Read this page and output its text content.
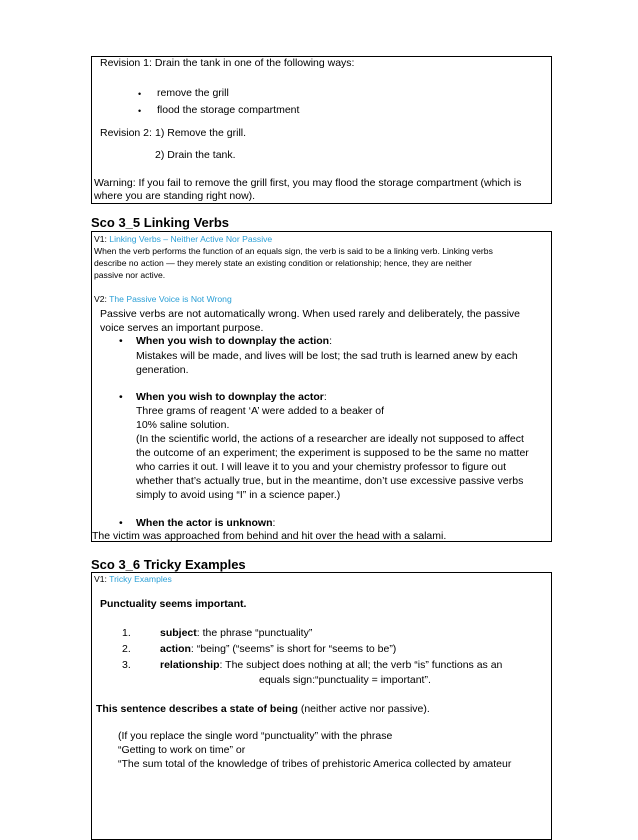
Revision 1: Drain the tank in one of the following ways:
• remove the grill
• flood the storage compartment
Revision 2: 1) Remove the grill.
2) Drain the tank.
Warning: If you fail to remove the grill first, you may flood the storage compartment (which is
where you are standing right now).
Sco 3_5 Linking Verbs
V1: Linking Verbs – Neither Active Nor Passive
When the verb performs the function of an equals sign, the verb is said to be a linking verb. Linking verbs
describe no action — they merely state an existing condition or relationship; hence, they are neither
passive nor active.
V2: The Passive Voice is Not Wrong
Passive verbs are not automatically wrong. When used rarely and deliberately, the passive
voice serves an important purpose.
• When you wish to downplay the action:
Mistakes will be made, and lives will be lost; the sad truth is learned anew by each
generation.
• When you wish to downplay the actor:
Three grams of reagent ‘A’ were added to a beaker of
10% saline solution.
(In the scientific world, the actions of a researcher are ideally not supposed to affect
the outcome of an experiment; the experiment is supposed to be the same no matter
who carries it out. I will leave it to you and your chemistry professor to figure out
whether that’s actually true, but in the meantime, don’t use excessive passive verbs
simply to avoid using “I” in a science paper.)
• When the actor is unknown:
The victim was approached from behind and hit over the head with a salami.
Sco 3_6 Tricky Examples
V1: Tricky Examples
Punctuality seems important.
1.	subject: the phrase “punctuality”
2.	action: “being” (“seems” is short for “seems to be”)
3.	relationship: The subject does nothing at all; the verb “is” functions as an
equals sign:“punctuality = important”.
This sentence describes a state of being (neither active nor passive).
(If you replace the single word “punctuality” with the phrase
“Getting to work on time” or
“The sum total of the knowledge of tribes of prehistoric America collected by amateur
